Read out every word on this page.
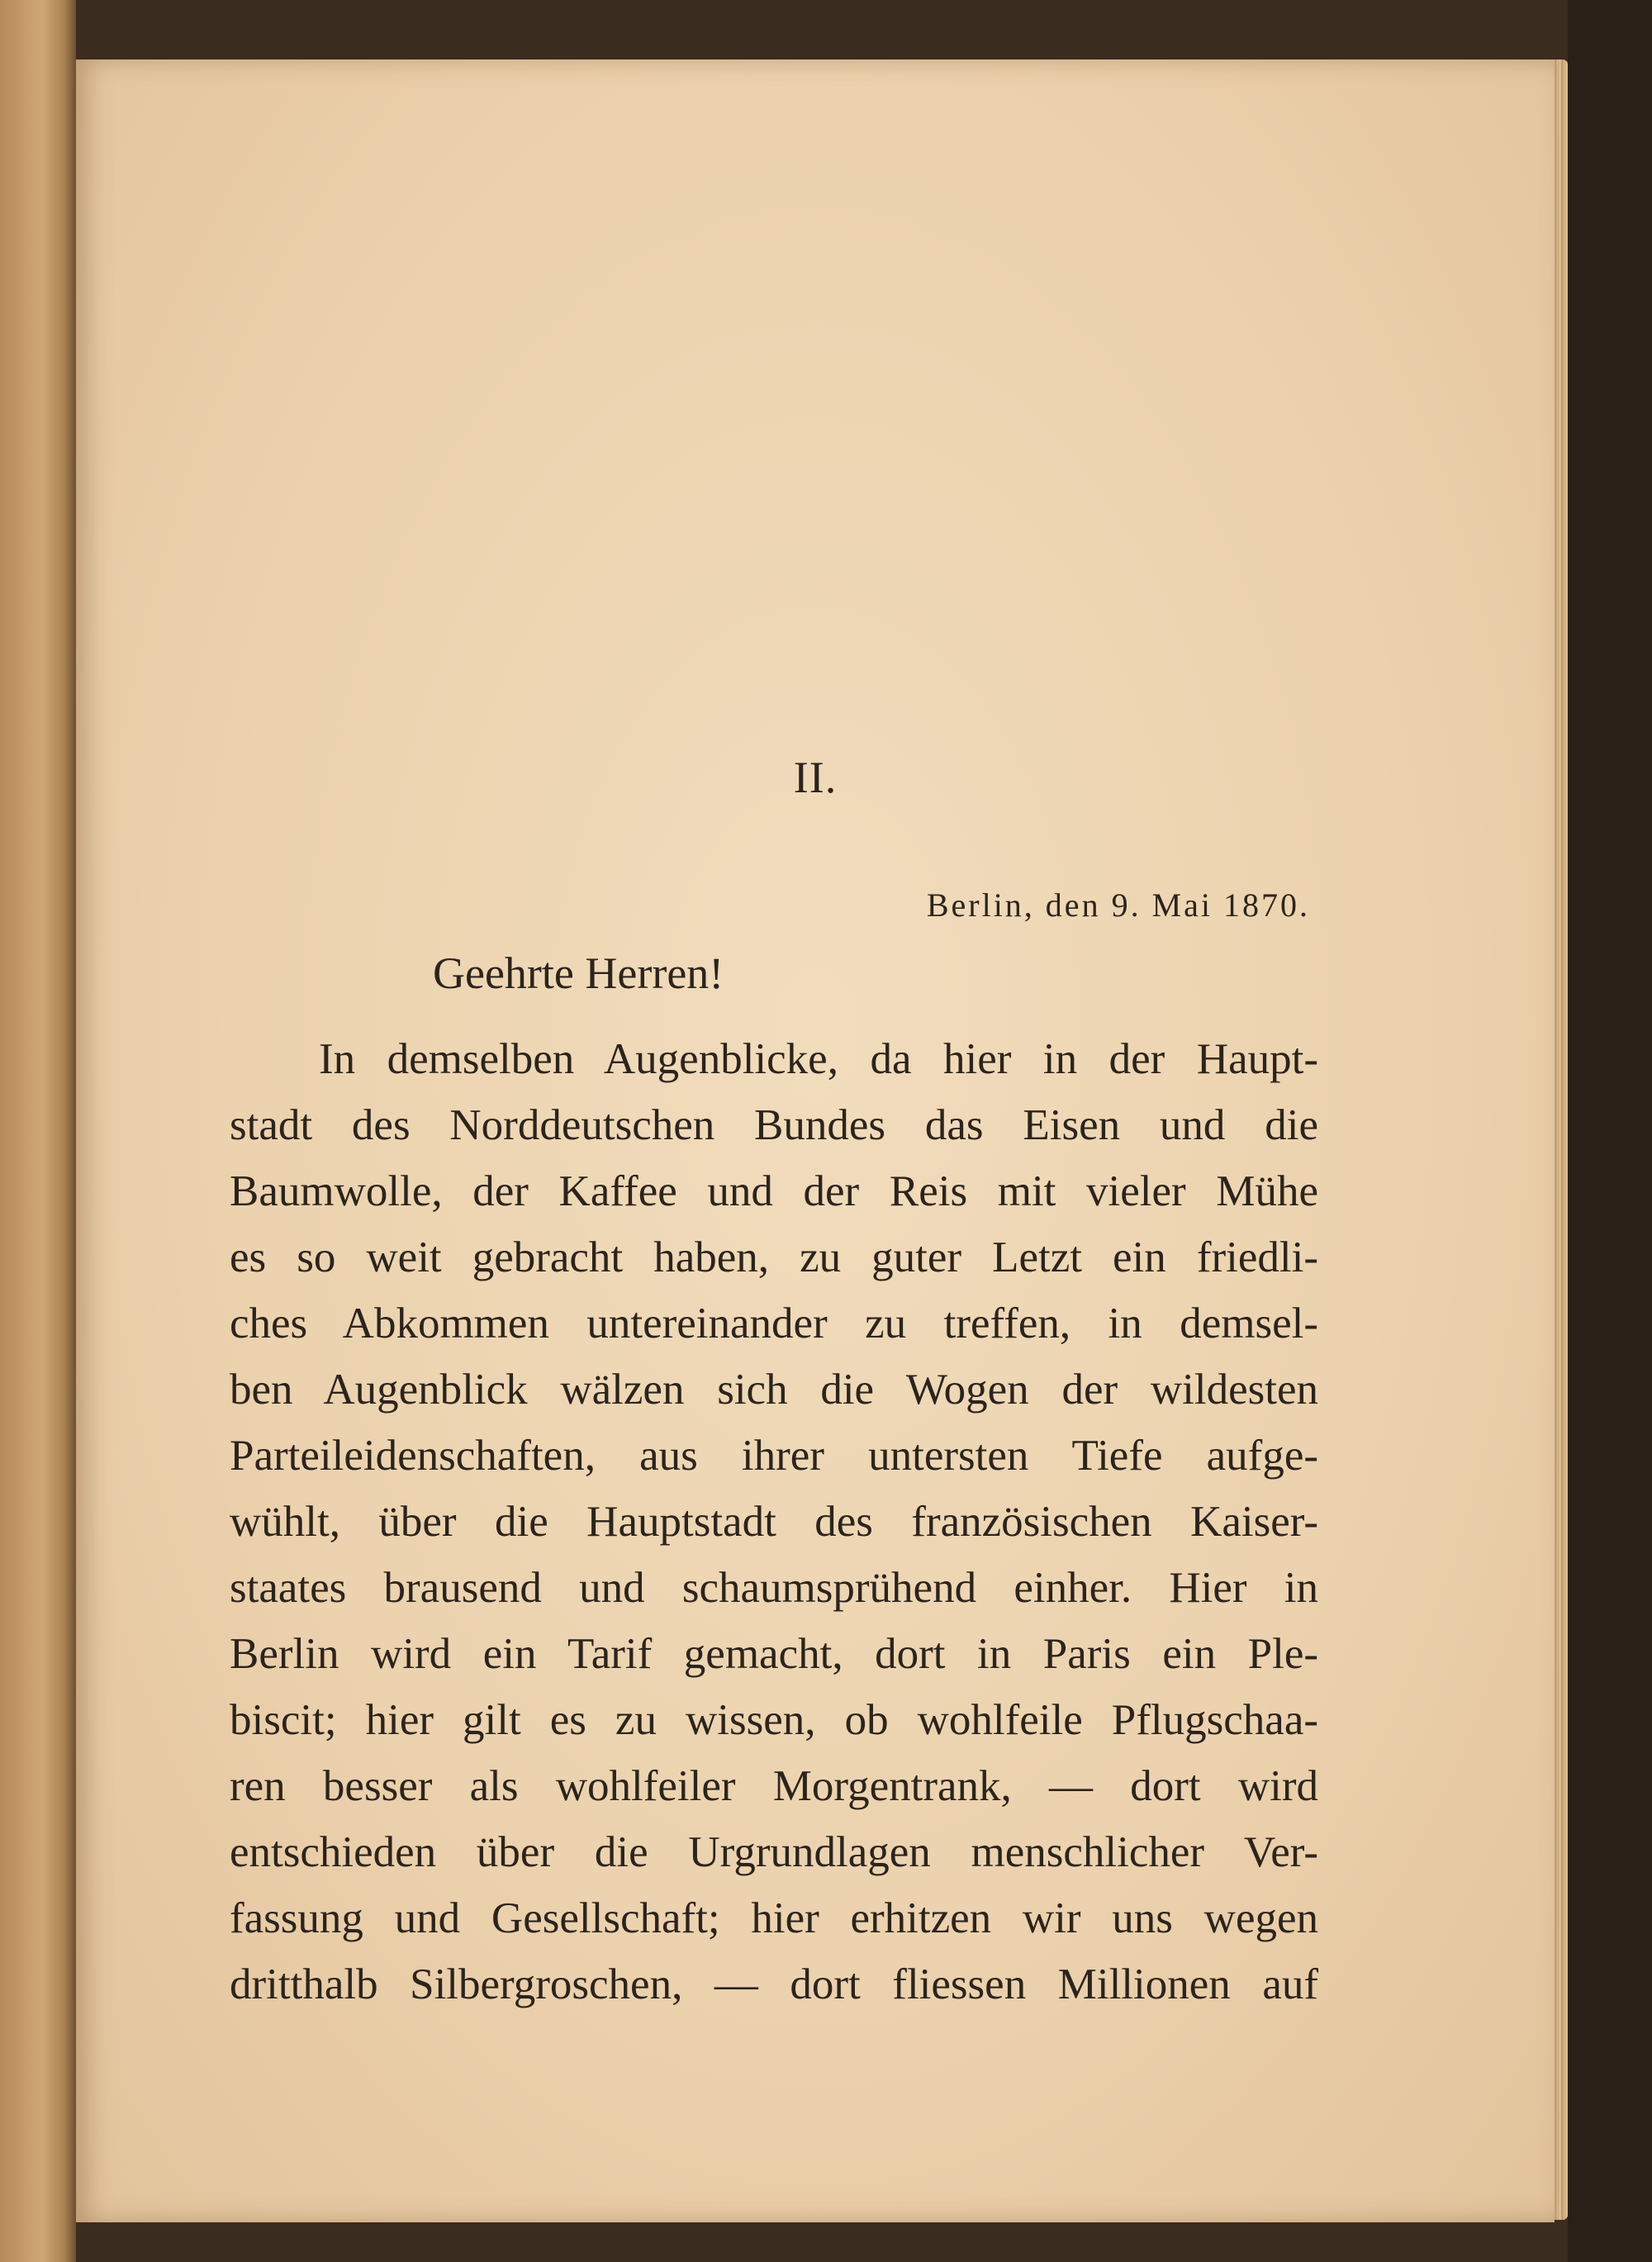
II.
Berlin, den 9. Mai 1870.
Geehrte Herren!
In demselben Augenblicke, da hier in der Haupt-
stadt des Norddeutschen Bundes das Eisen und die
Baumwolle, der Kaffee und der Reis mit vieler Mühe
es so weit gebracht haben, zu guter Letzt ein friedli-
ches Abkommen untereinander zu treffen, in demsel-
ben Augenblick wälzen sich die Wogen der wildesten
Parteileidenschaften, aus ihrer untersten Tiefe aufge-
wühlt, über die Hauptstadt des französischen Kaiser-
staates brausend und schaumsprühend einher. Hier in
Berlin wird ein Tarif gemacht, dort in Paris ein Ple-
biscit; hier gilt es zu wissen, ob wohlfeile Pflugschaa-
ren besser als wohlfeiler Morgentrank, — dort wird
entschieden über die Urgrundlagen menschlicher Ver-
fassung und Gesellschaft; hier erhitzen wir uns wegen
dritthalb Silbergroschen, — dort fliessen Millionen auf
